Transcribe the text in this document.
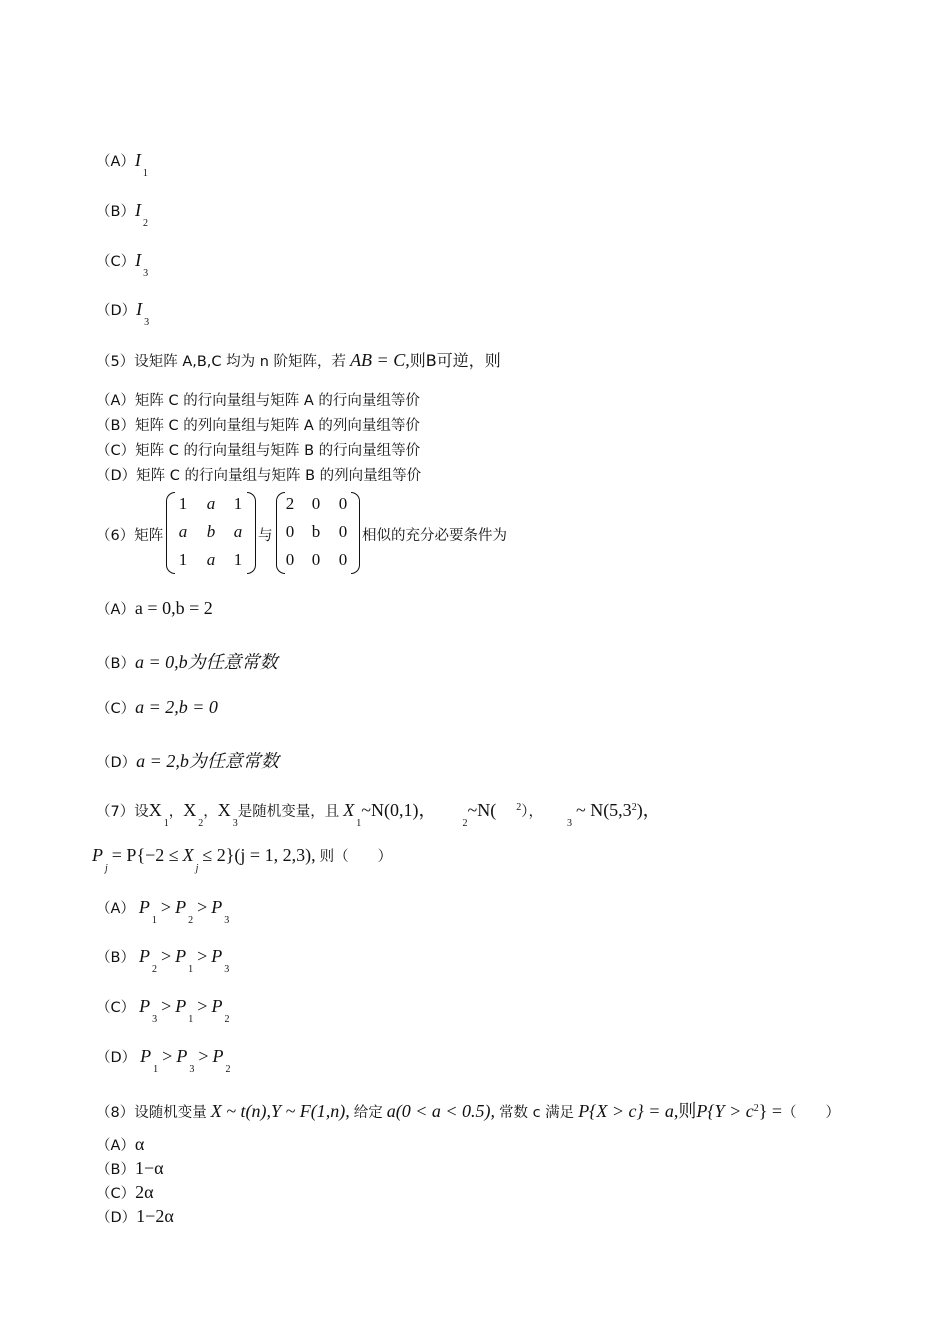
$(A)I_1$
$(B)I_2$
$(C)I_3$
$(D)I_3$
（5）设矩阵 A,B,C 均为 n 阶矩阵，若 AB = C,则B可逆，则
（A）矩阵 C 的行向量组与矩阵 A 的行向量组等价
（B）矩阵 C 的列向量组与矩阵 A 的列向量组等价
（C）矩阵 C 的行向量组与矩阵 B 的行向量组等价
（D）矩阵 C 的行向量组与矩阵 B 的列向量组等价
（6）矩阵
1 a 1
a b a
1 a 1
与
2 0 0
0 b 0
0 0 0
相似的充分必要条件为
（A）a = 0,b = 2
（B）a = 0,b为任意常数
（C）a = 2,b = 0
（D）a = 2,b为任意常数
（7）设$X_1$，$X_2$，$X_3$是随机变量，且 $X_1\sim N(0,1)$， $_2$~N( $^2$）， $_3$ ~ $N(5,3^2)$，
$P_j = P\{-2 \le X_j \le 2\}(j = 1$, 2,3), 则（　　）
（A） $P_1 > P_2 > P_3$
（B） $P_2 > P_1 > P_3$
（C） $P_3 > P_1 > P_2$
（D） $P_1 > P_3 > P_2$
（8）设随机变量 X ~ t(n),Y ~ F(1,n), 给定 a(0 < a < 0.5), 常数 c 满足 P{X > c} = a,则$P\{Y > c^2\}$ =（　　）
（A）α
（B）1−α
（C）2α
（D）1−2α
